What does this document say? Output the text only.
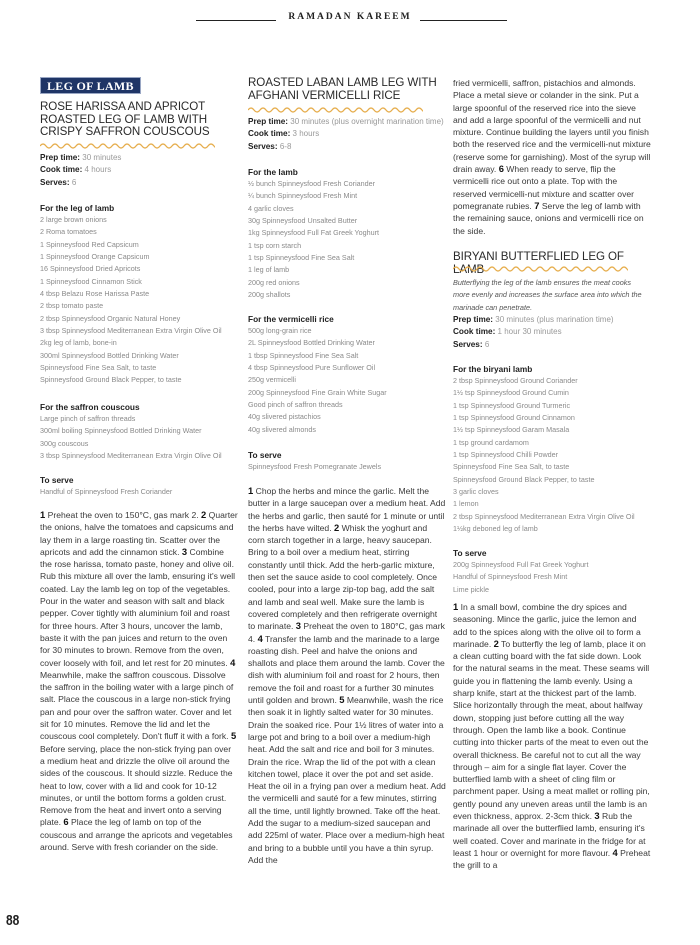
RAMADAN KAREEM
LEG OF LAMB
ROSE HARISSA AND APRICOT ROASTED LEG OF LAMB WITH CRISPY SAFFRON COUSCOUS
Prep time: 30 minutes
Cook time: 4 hours
Serves: 6
For the leg of lamb
2 large brown onions
2 Roma tomatoes
1 Spinneysfood Red Capsicum
1 Spinneysfood Orange Capsicum
16 Spinneysfood Dried Apricots
1 Spinneysfood Cinnamon Stick
4 tbsp Belazu Rose Harissa Paste
2 tbsp tomato paste
2 tbsp Spinneysfood Organic Natural Honey
3 tbsp Spinneysfood Mediterranean Extra Virgin Olive Oil
2kg leg of lamb, bone-in
300ml Spinneysfood Bottled Drinking Water
Spinneysfood Fine Sea Salt, to taste
Spinneysfood Ground Black Pepper, to taste
For the saffron couscous
Large pinch of saffron threads
300ml boiling Spinneysfood Bottled Drinking Water
300g couscous
3 tbsp Spinneysfood Mediterranean Extra Virgin Olive Oil
To serve
Handful of Spinneysfood Fresh Coriander
1 Preheat the oven to 150°C, gas mark 2. 2 Quarter the onions, halve the tomatoes and capsicums and lay them in a large roasting tin. Scatter over the apricots and add the cinnamon stick. 3 Combine the rose harissa, tomato paste, honey and olive oil. Rub this mixture all over the lamb, ensuring it's well coated. Lay the lamb leg on top of the vegetables. Pour in the water and season with salt and black pepper. Cover tightly with aluminium foil and roast for three hours. After 3 hours, uncover the lamb, baste it with the pan juices and return to the oven for 30 minutes to brown. Remove from the oven, cover loosely with foil, and let rest for 20 minutes. 4 Meanwhile, make the saffron couscous. Dissolve the saffron in the boiling water with a large pinch of salt. Place the couscous in a large non-stick frying pan and pour over the saffron water. Cover and let sit for 10 minutes. Remove the lid and let the couscous cool completely. Don't fluff it with a fork. 5 Before serving, place the non-stick frying pan over a medium heat and drizzle the olive oil around the sides of the couscous. It should sizzle. Reduce the heat to low, cover with a lid and cook for 10-12 minutes, or until the bottom forms a golden crust. Remove from the heat and invert onto a serving plate. 6 Place the leg of lamb on top of the couscous and arrange the apricots and vegetables around. Serve with fresh coriander on the side.
ROASTED LABAN LAMB LEG WITH AFGHANI VERMICELLI RICE
Prep time: 30 minutes (plus overnight marination time)
Cook time: 3 hours
Serves: 6-8
For the lamb
½ bunch Spinneysfood Fresh Coriander
¼ bunch Spinneysfood Fresh Mint
4 garlic cloves
30g Spinneysfood Unsalted Butter
1kg Spinneysfood Full Fat Greek Yoghurt
1 tsp corn starch
1 tsp Spinneysfood Fine Sea Salt
1 leg of lamb
200g red onions
200g shallots
For the vermicelli rice
500g long-grain rice
2L Spinneysfood Bottled Drinking Water
1 tbsp Spinneysfood Fine Sea Salt
4 tbsp Spinneysfood Pure Sunflower Oil
250g vermicelli
200g Spinneysfood Fine Grain White Sugar
Good pinch of saffron threads
40g slivered pistachios
40g slivered almonds
To serve
Spinneysfood Fresh Pomegranate Jewels
1 Chop the herbs and mince the garlic. Melt the butter in a large saucepan over a medium heat. Add the herbs and garlic, then sauté for 1 minute or until the herbs have wilted. 2 Whisk the yoghurt and corn starch together in a large, heavy saucepan. Bring to a boil over a medium heat, stirring constantly until thick. Add the herb-garlic mixture, then set the sauce aside to cool completely. Once cooled, pour into a large zip-top bag, add the salt and lamb and seal well. Make sure the lamb is covered completely and then refrigerate overnight to marinate. 3 Preheat the oven to 180°C, gas mark 4. 4 Transfer the lamb and the marinade to a large roasting dish. Peel and halve the onions and shallots and place them around the lamb. Cover the dish with aluminium foil and roast for 2 hours, then remove the foil and roast for a further 30 minutes until golden and brown. 5 Meanwhile, wash the rice then soak it in lightly salted water for 30 minutes. Drain the soaked rice. Pour 1½ litres of water into a large pot and bring to a boil over a medium-high heat. Add the salt and rice and boil for 3 minutes. Drain the rice. Wrap the lid of the pot with a clean kitchen towel, place it over the pot and set aside. Heat the oil in a frying pan over a medium heat. Add the vermicelli and sauté for a few minutes, stirring all the time, until lightly browned. Take off the heat. Add the sugar to a medium-sized saucepan and add 225ml of water. Place over a medium-high heat and bring to a bubble until you have a thin syrup. Add the
fried vermicelli, saffron, pistachios and almonds. Place a metal sieve or colander in the sink. Put a large spoonful of the reserved rice into the sieve and add a large spoonful of the vermicelli and nut mixture. Continue building the layers until you finish both the reserved rice and the vermicelli-nut mixture (reserve some for garnishing). Most of the syrup will drain away. 6 When ready to serve, flip the vermicelli rice out onto a plate. Top with the reserved vermicelli-nut mixture and scatter over pomegranate rubies. 7 Serve the leg of lamb with the remaining sauce, onions and vermicelli rice on the side.
BIRYANI BUTTERFLIED LEG OF LAMB
Butterflying the leg of the lamb ensures the meat cooks more evenly and increases the surface area into which the marinade can penetrate.
Prep time: 30 minutes (plus marination time)
Cook time: 1 hour 30 minutes
Serves: 6
For the biryani lamb
2 tbsp Spinneysfood Ground Coriander
1½ tsp Spinneysfood Ground Cumin
1 tsp Spinneysfood Ground Turmeric
1 tsp Spinneysfood Ground Cinnamon
1½ tsp Spinneysfood Garam Masala
1 tsp ground cardamom
1 tsp Spinneysfood Chilli Powder
Spinneysfood Fine Sea Salt, to taste
Spinneysfood Ground Black Pepper, to taste
3 garlic cloves
1 lemon
2 tbsp Spinneysfood Mediterranean Extra Virgin Olive Oil
1½kg deboned leg of lamb
To serve
200g Spinneysfood Full Fat Greek Yoghurt
Handful of Spinneysfood Fresh Mint
Lime pickle
1 In a small bowl, combine the dry spices and seasoning. Mince the garlic, juice the lemon and add to the spices along with the olive oil to form a marinade. 2 To butterfly the leg of lamb, place it on a clean cutting board with the fat side down. Look for the natural seams in the meat. These seams will guide you in flattening the lamb evenly. Using a sharp knife, start at the thickest part of the lamb. Slice horizontally through the meat, about halfway down, stopping just before cutting all the way through. Open the lamb like a book. Continue cutting into thicker parts of the meat to even out the overall thickness. Be careful not to cut all the way through – aim for a single flat layer. Cover the butterflied lamb with a sheet of cling film or parchment paper. Using a meat mallet or rolling pin, gently pound any uneven areas until the lamb is an even thickness, approx. 2-3cm thick. 3 Rub the marinade all over the butterflied lamb, ensuring it's well coated. Cover and marinate in the fridge for at least 1 hour or overnight for more flavour. 4 Preheat the grill to a
88
